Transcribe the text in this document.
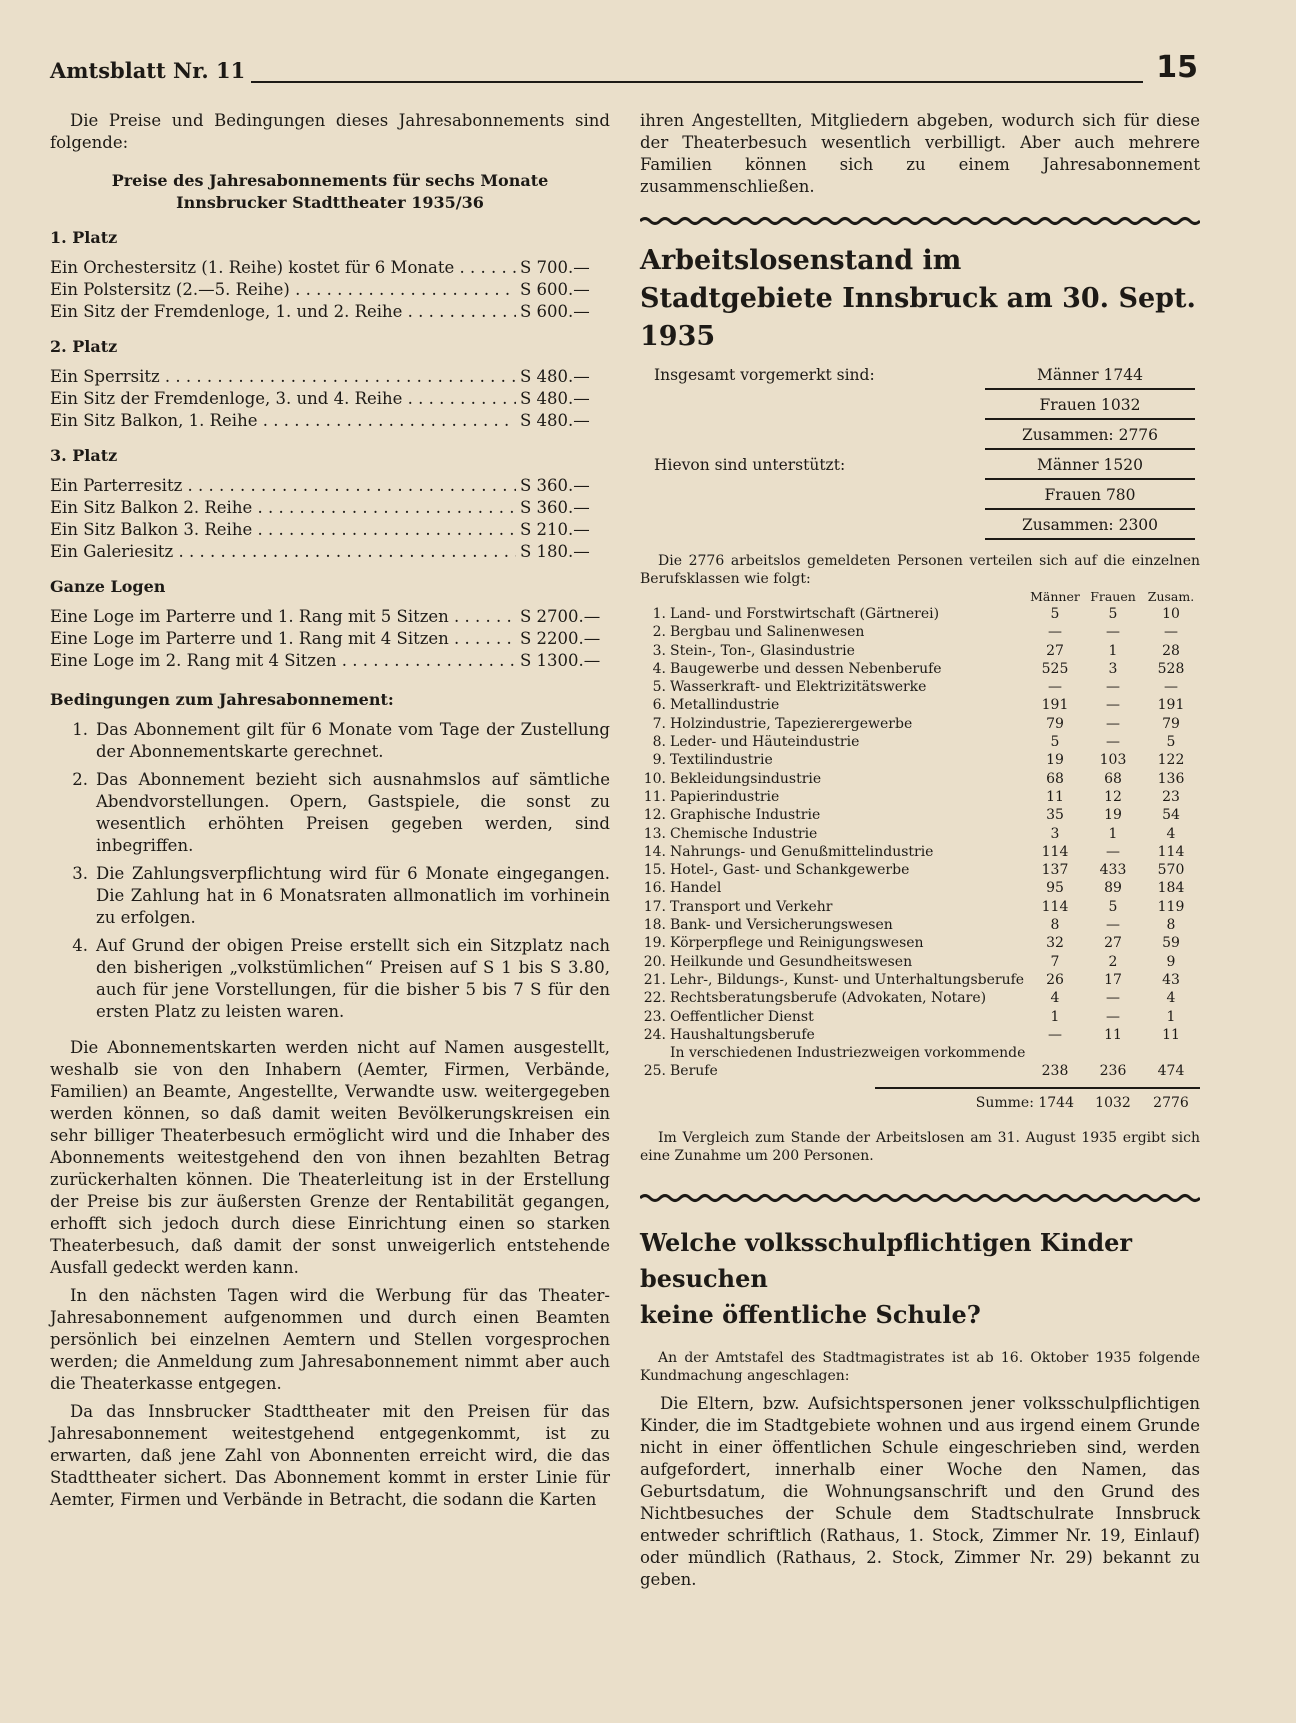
Amtsblatt Nr. 11	15

Die Preise und Bedingungen dieses Jahresabonnements sind folgende:

Preise des Jahresabonnements für sechs Monate

Innsbrucker Stadttheater 1935/36

1. Platz
Ein Orchestersitz (1. Reihe) kostet für 6 Monate . . .	S 700.—
Ein Polstersitz (2.—5. Reihe) . . .	S 600.—
Ein Sitz der Fremdenloge, 1. und 2. Reihe . . .	S 600.—
2. Platz
Ein Sperrsitz . . .	S 480.—
Ein Sitz der Fremdenloge, 3. und 4. Reihe . . .	S 480.—
Ein Sitz Balkon, 1. Reihe . . .	S 480.—
3. Platz
Ein Parterresitz . . .	S 360.—
Ein Sitz Balkon 2. Reihe . . .	S 360.—
Ein Sitz Balkon 3. Reihe . . .	S 210.—
Ein Galeriesitz . . .	S 180.—
Ganze Logen
Eine Loge im Parterre und 1. Rang mit 5 Sitzen . . .	S 2700.—
Eine Loge im Parterre und 1. Rang mit 4 Sitzen . . .	S 2200.—
Eine Loge im 2. Rang mit 4 Sitzen . . .	S 1300.—
Bedingungen zum Jahresabonnement:
1. Das Abonnement gilt für 6 Monate vom Tage der Zustellung der Abonnementskarte gerechnet.
2. Das Abonnement bezieht sich ausnahmslos auf sämtliche Abendvorstellungen. Opern, Gastspiele, die sonst zu wesentlich erhöhten Preisen gegeben werden, sind inbegriffen.
3. Die Zahlungsverpflichtung wird für 6 Monate eingegangen. Die Zahlung hat in 6 Monatsraten allmonatlich im vorhinein zu erfolgen.
4. Auf Grund der obigen Preise erstellt sich ein Sitzplatz nach den bisherigen „volkstümlichen“ Preisen auf S 1 bis S 3.80, auch für jene Vorstellungen, für die bisher 5 bis 7 S für den ersten Platz zu leisten waren.

Die Abonnementskarten werden nicht auf Namen ausgestellt, weshalb sie von den Inhabern (Aemter, Firmen, Verbände, Familien) an Beamte, Angestellte, Verwandte usw. weitergegeben werden können, so daß damit weiten Bevölkerungskreisen ein sehr billiger Theaterbesuch ermöglicht wird und die Inhaber des Abonnements weitestgehend den von ihnen bezahlten Betrag zurückerhalten können. Die Theaterleitung ist in der Erstellung der Preise bis zur äußersten Grenze der Rentabilität gegangen, erhofft sich jedoch durch diese Einrichtung einen so starken Theaterbesuch, daß damit der sonst unweigerlich entstehende Ausfall gedeckt werden kann.

In den nächsten Tagen wird die Werbung für das Theater-Jahresabonnement aufgenommen und durch einen Beamten persönlich bei einzelnen Aemtern und Stellen vorgesprochen werden; die Anmeldung zum Jahresabonnement nimmt aber auch die Theaterkasse entgegen.

Da das Innsbrucker Stadttheater mit den Preisen für das Jahresabonnement weitestgehend entgegenkommt, ist zu erwarten, daß jene Zahl von Abonnenten erreicht wird, die das Stadttheater sichert. Das Abonnement kommt in erster Linie für Aemter, Firmen und Verbände in Betracht, die sodann die Karten

ihren Angestellten, Mitgliedern abgeben, wodurch sich für diese der Theaterbesuch wesentlich verbilligt. Aber auch mehrere Familien können sich zu einem Jahresabonnement zusammenschließen.

Arbeitslosenstand im

Stadtgebiete Innsbruck am 30. Sept. 1935

Insgesamt vorgemerkt sind:	Männer 1744
Frauen 1032
Zusammen: 2776
Hievon sind unterstützt:	Männer 1520
Frauen 780
Zusammen: 2300

Die 2776 arbeitslos gemeldeten Personen verteilen sich auf die einzelnen Berufsklassen wie folgt:

		Männer	Frauen	Zusam.
1.	Land- und Forstwirtschaft (Gärtnerei)	5	5	10
2.	Bergbau und Salinenwesen	—	—	—
3.	Stein-, Ton-, Glasindustrie	27	1	28
4.	Baugewerbe und dessen Nebenberufe	525	3	528
5.	Wasserkraft- und Elektrizitätswerke	—	—	—
6.	Metallindustrie	191	—	191
7.	Holzindustrie, Tapezierergewerbe	79	—	79
8.	Leder- und Häuteindustrie	5	—	5
9.	Textilindustrie	19	103	122
10.	Bekleidungsindustrie	68	68	136
11.	Papierindustrie	11	12	23
12.	Graphische Industrie	35	19	54
13.	Chemische Industrie	3	1	4
14.	Nahrungs- und Genußmittelindustrie	114	—	114
15.	Hotel-, Gast- und Schankgewerbe	137	433	570
16.	Handel	95	89	184
17.	Transport und Verkehr	114	5	119
18.	Bank- und Versicherungswesen	8	—	8
19.	Körperpflege und Reinigungswesen	32	27	59
20.	Heilkunde und Gesundheitswesen	7	2	9
21.	Lehr-, Bildungs-, Kunst- und Unterhaltungsberufe	26	17	43
22.	Rechtsberatungsberufe (Advokaten, Notare)	4	—	4
23.	Oeffentlicher Dienst	1	—	1
24.	Haushaltungsberufe	—	11	11
25.	In verschiedenen Industriezweigen vorkommende Berufe	238	236	474
Summe: 1744	1032	2776

Im Vergleich zum Stande der Arbeitslosen am 31. August 1935 ergibt sich eine Zunahme um 200 Personen.

Welche volksschulpflichtigen Kinder besuchen

keine öffentliche Schule?

An der Amtstafel des Stadtmagistrates ist ab 16. Oktober 1935 folgende Kundmachung angeschlagen:

Die Eltern, bzw. Aufsichtspersonen jener volksschulpflichtigen Kinder, die im Stadtgebiete wohnen und aus irgend einem Grunde nicht in einer öffentlichen Schule eingeschrieben sind, werden aufgefordert, innerhalb einer Woche den Namen, das Geburtsdatum, die Wohnungsanschrift und den Grund des Nichtbesuches der Schule dem Stadtschulrate Innsbruck entweder schriftlich (Rathaus, 1. Stock, Zimmer Nr. 19, Einlauf) oder mündlich (Rathaus, 2. Stock, Zimmer Nr. 29) bekannt zu geben.
